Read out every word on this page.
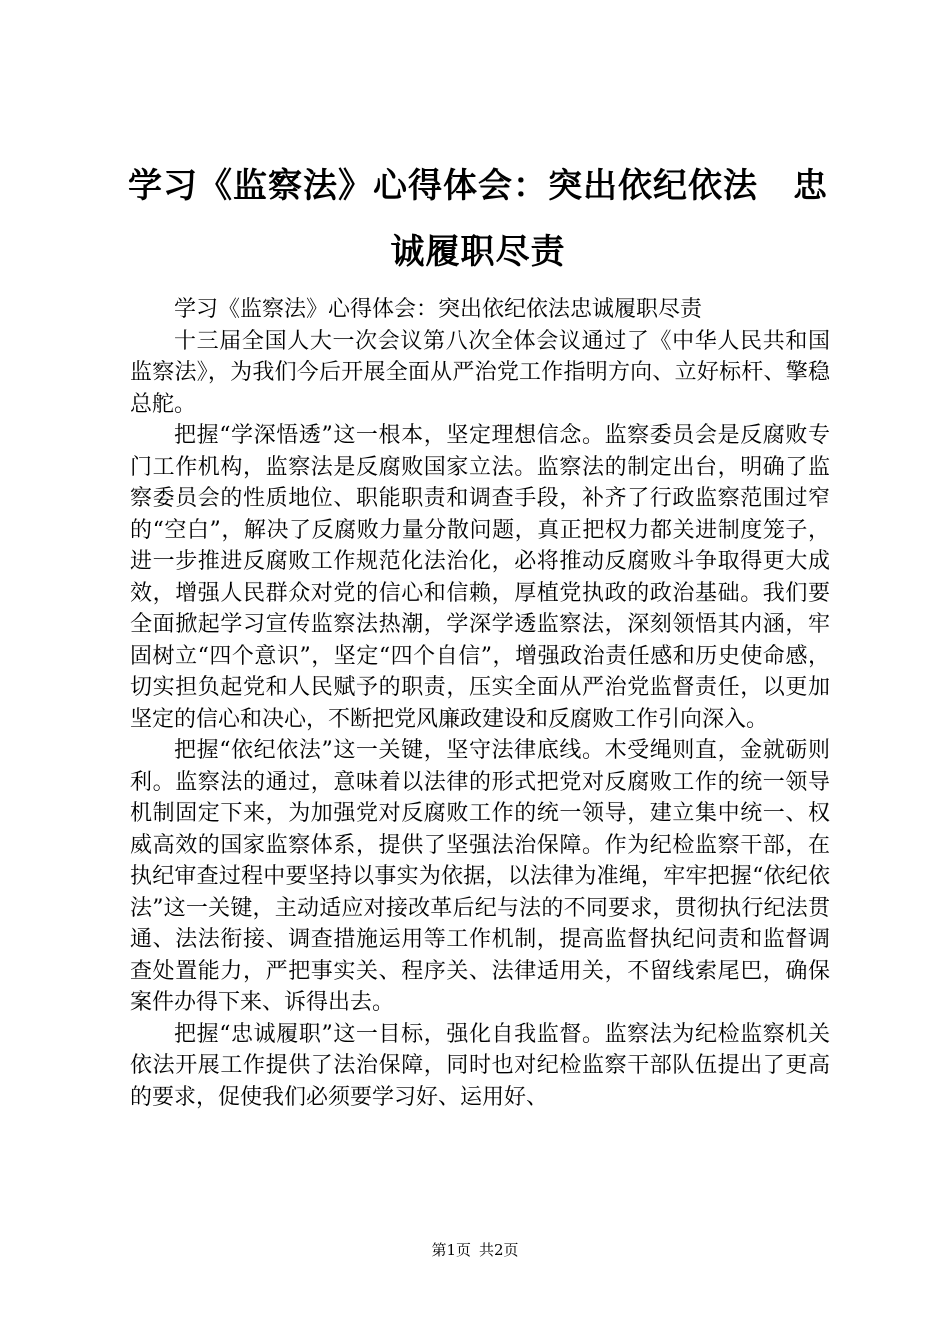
学习《监察法》心得体会：突出依纪依法　忠
诚履职尽责

学习《监察法》心得体会：突出依纪依法忠诚履职尽责

十三届全国人大一次会议第八次全体会议通过了《中华人民共和国监察法》，为我们今后开展全面从严治党工作指明方向、立好标杆、擎稳总舵。

把握“学深悟透”这一根本，坚定理想信念。监察委员会是反腐败专门工作机构，监察法是反腐败国家立法。监察法的制定出台，明确了监察委员会的性质地位、职能职责和调查手段，补齐了行政监察范围过窄的“空白”，解决了反腐败力量分散问题，真正把权力都关进制度笼子，进一步推进反腐败工作规范化法治化，必将推动反腐败斗争取得更大成效，增强人民群众对党的信心和信赖，厚植党执政的政治基础。我们要全面掀起学习宣传监察法热潮，学深学透监察法，深刻领悟其内涵，牢固树立“四个意识”，坚定“四个自信”，增强政治责任感和历史使命感，切实担负起党和人民赋予的职责，压实全面从严治党监督责任，以更加坚定的信心和决心，不断把党风廉政建设和反腐败工作引向深入。

把握“依纪依法”这一关键，坚守法律底线。木受绳则直，金就砺则利。监察法的通过，意味着以法律的形式把党对反腐败工作的统一领导机制固定下来，为加强党对反腐败工作的统一领导，建立集中统一、权威高效的国家监察体系，提供了坚强法治保障。作为纪检监察干部，在执纪审查过程中要坚持以事实为依据，以法律为准绳，牢牢把握“依纪依法”这一关键，主动适应对接改革后纪与法的不同要求，贯彻执行纪法贯通、法法衔接、调查措施运用等工作机制，提高监督执纪问责和监督调查处置能力，严把事实关、程序关、法律适用关，不留线索尾巴，确保案件办得下来、诉得出去。

把握“忠诚履职”这一目标，强化自我监督。监察法为纪检监察机关依法开展工作提供了法治保障，同时也对纪检监察干部队伍提出了更高的要求，促使我们必须要学习好、运用好、

第1页 共2页
